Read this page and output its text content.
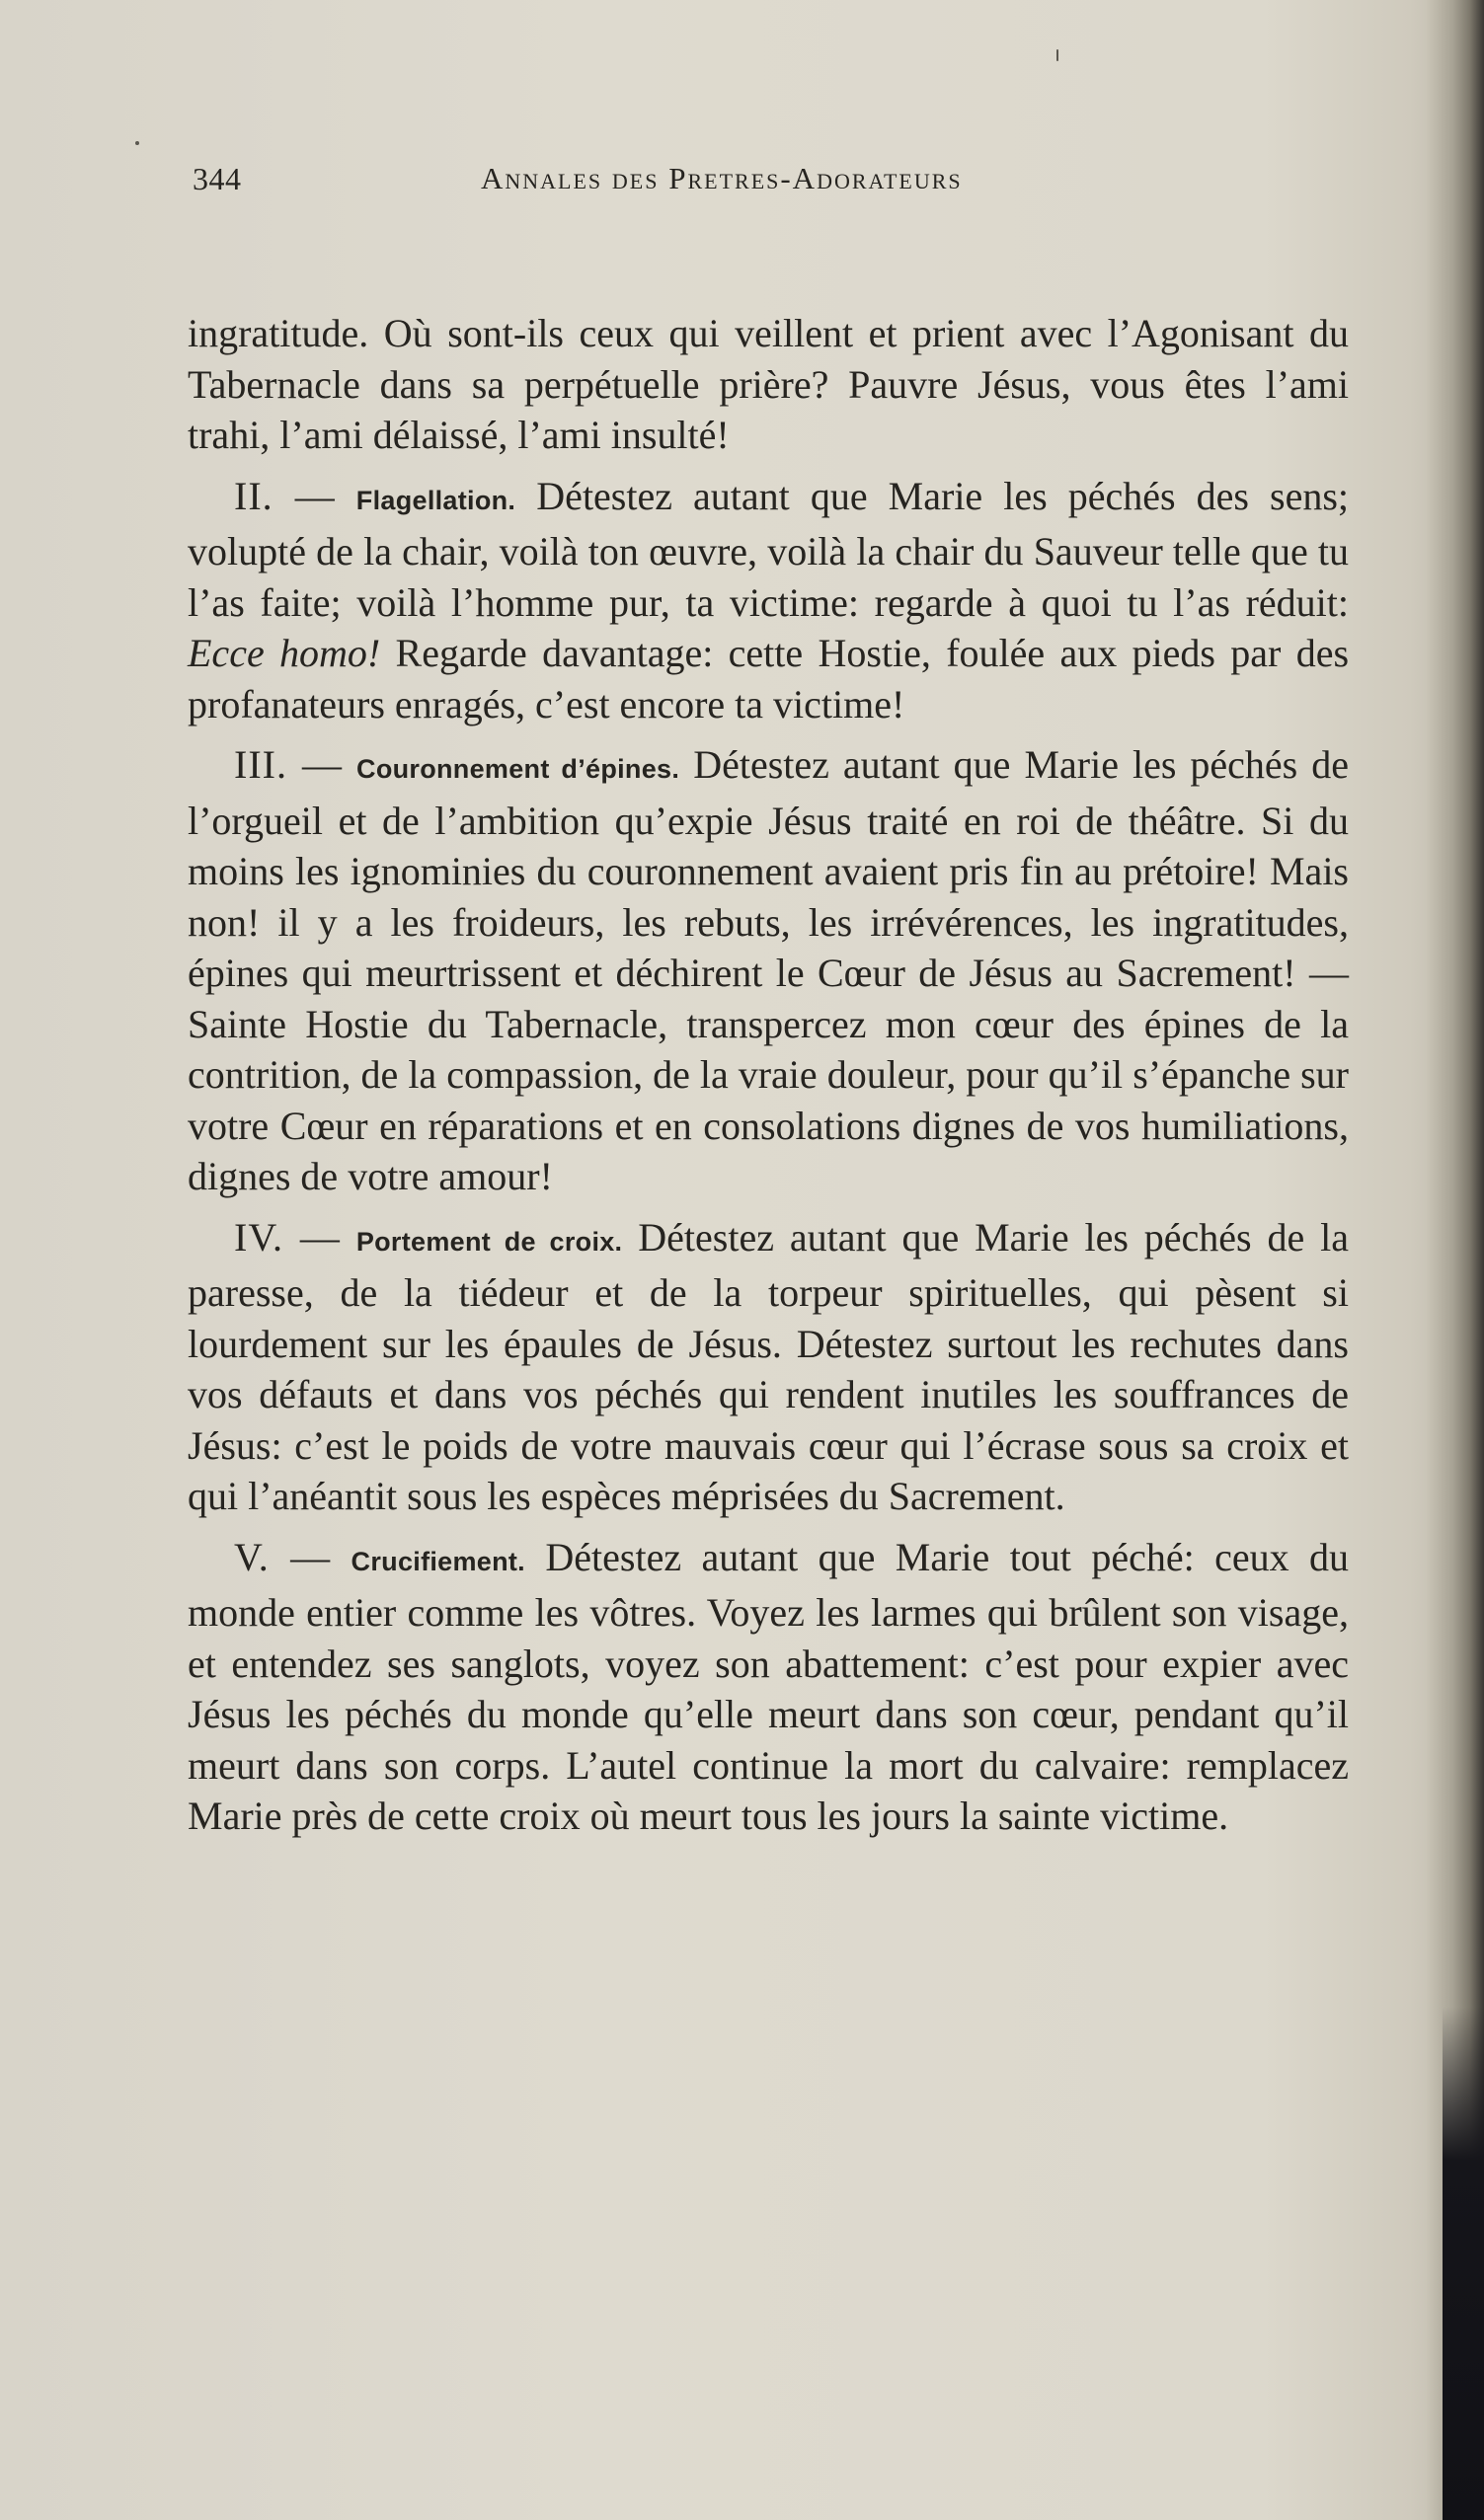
344	Annales des Pretres-Adorateurs

ingratitude. Où sont-ils ceux qui veillent et prient avec l’Agonisant du Tabernacle dans sa perpétuelle prière? Pauvre Jésus, vous êtes l’ami trahi, l’ami délaissé, l’ami insulté!

II. — Flagellation. Détestez autant que Marie les péchés des sens; volupté de la chair, voilà ton œuvre, voilà la chair du Sauveur telle que tu l’as faite; voilà l’homme pur, ta victime: regarde à quoi tu l’as réduit: Ecce homo! Regarde davantage: cette Hostie, foulée aux pieds par des profanateurs enragés, c’est encore ta victime!

III. — Couronnement d’épines. Détestez autant que Marie les péchés de l’orgueil et de l’ambition qu’expie Jésus traité en roi de théâtre. Si du moins les ignominies du couronnement avaient pris fin au prétoire! Mais non! il y a les froideurs, les rebuts, les irrévérences, les ingratitudes, épines qui meurtrissent et déchirent le Cœur de Jésus au Sacrement! —Sainte Hostie du Tabernacle, transpercez mon cœur des épines de la contrition, de la compassion, de la vraie douleur, pour qu’il s’épanche sur votre Cœur en réparations et en consolations dignes de vos humiliations, dignes de votre amour!

IV. — Portement de croix. Détestez autant que Marie les péchés de la paresse, de la tiédeur et de la torpeur spirituelles, qui pèsent si lourdement sur les épaules de Jésus. Détestez surtout les rechutes dans vos défauts et dans vos péchés qui rendent inutiles les souffrances de Jésus: c’est le poids de votre mauvais cœur qui l’écrase sous sa croix et qui l’anéantit sous les espèces méprisées du Sacrement.

V. — Crucifiement. Détestez autant que Marie tout péché: ceux du monde entier comme les vôtres. Voyez les larmes qui brûlent son visage, et entendez ses sanglots, voyez son abattement: c’est pour expier avec Jésus les péchés du monde qu’elle meurt dans son cœur, pendant qu’il meurt dans son corps. L’autel continue la mort du calvaire: remplacez Marie près de cette croix où meurt tous les jours la sainte victime.
